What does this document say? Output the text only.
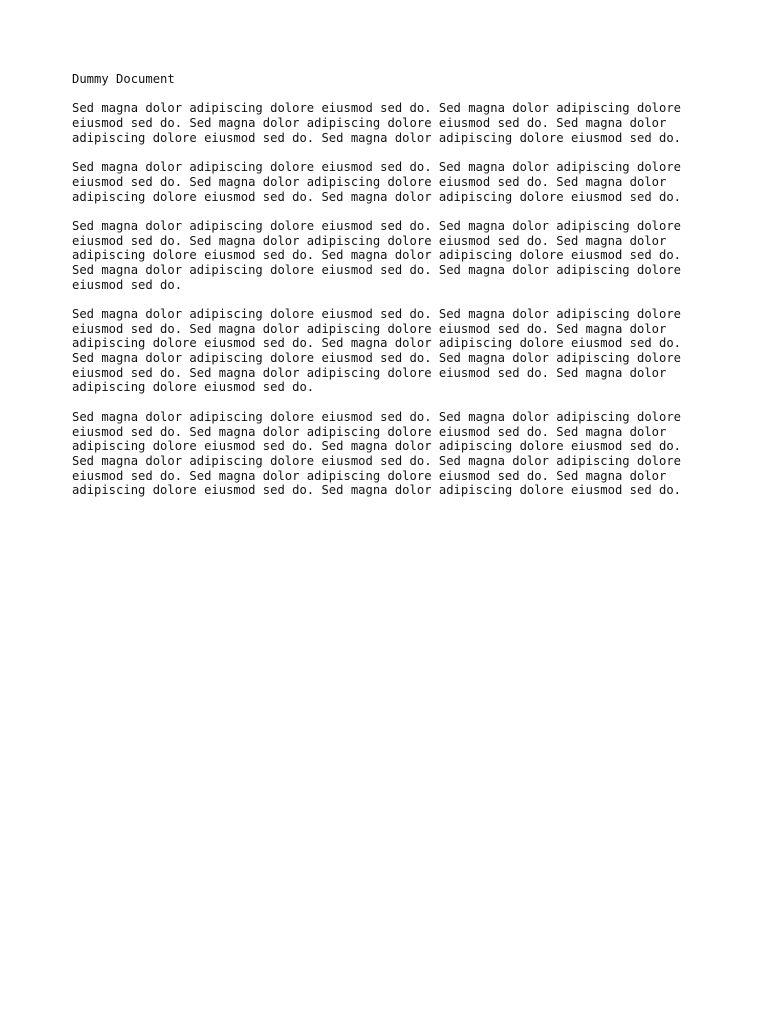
Dummy Document
Sed magna dolor adipiscing dolore eiusmod sed do. Sed magna dolor adipiscing dolore
eiusmod sed do. Sed magna dolor adipiscing dolore eiusmod sed do. Sed magna dolor
adipiscing dolore eiusmod sed do. Sed magna dolor adipiscing dolore eiusmod sed do.
Sed magna dolor adipiscing dolore eiusmod sed do. Sed magna dolor adipiscing dolore
eiusmod sed do. Sed magna dolor adipiscing dolore eiusmod sed do. Sed magna dolor
adipiscing dolore eiusmod sed do. Sed magna dolor adipiscing dolore eiusmod sed do.
Sed magna dolor adipiscing dolore eiusmod sed do. Sed magna dolor adipiscing dolore
eiusmod sed do. Sed magna dolor adipiscing dolore eiusmod sed do. Sed magna dolor
adipiscing dolore eiusmod sed do. Sed magna dolor adipiscing dolore eiusmod sed do.
Sed magna dolor adipiscing dolore eiusmod sed do. Sed magna dolor adipiscing dolore
eiusmod sed do.
Sed magna dolor adipiscing dolore eiusmod sed do. Sed magna dolor adipiscing dolore
eiusmod sed do. Sed magna dolor adipiscing dolore eiusmod sed do. Sed magna dolor
adipiscing dolore eiusmod sed do. Sed magna dolor adipiscing dolore eiusmod sed do.
Sed magna dolor adipiscing dolore eiusmod sed do. Sed magna dolor adipiscing dolore
eiusmod sed do. Sed magna dolor adipiscing dolore eiusmod sed do. Sed magna dolor
adipiscing dolore eiusmod sed do.
Sed magna dolor adipiscing dolore eiusmod sed do. Sed magna dolor adipiscing dolore
eiusmod sed do. Sed magna dolor adipiscing dolore eiusmod sed do. Sed magna dolor
adipiscing dolore eiusmod sed do. Sed magna dolor adipiscing dolore eiusmod sed do.
Sed magna dolor adipiscing dolore eiusmod sed do. Sed magna dolor adipiscing dolore
eiusmod sed do. Sed magna dolor adipiscing dolore eiusmod sed do. Sed magna dolor
adipiscing dolore eiusmod sed do. Sed magna dolor adipiscing dolore eiusmod sed do.
